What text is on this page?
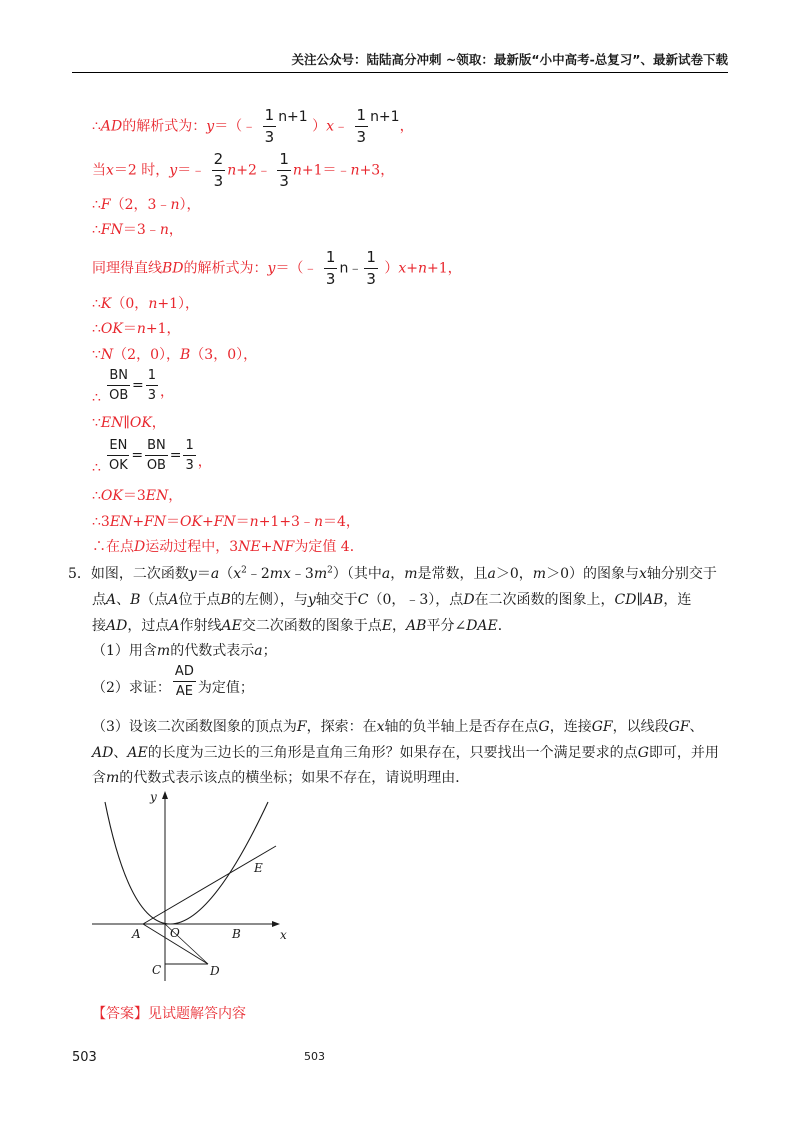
关注公众号：陆陆高分冲刺 ~领取：最新版“小中高考-总复习”、最新试卷下载
∴AD的解析式为：y＝（﹣ $\frac{1}{3} n+1$ ）x﹣ $\frac{1}{3} n+1$，
当x＝2 时，y＝﹣ $\frac{2}{3}$ n+2﹣ $\frac{1}{3}$ n+1＝﹣n+3，
∴F（2，3﹣n），
∴FN＝3﹣n，
同理得直线BD的解析式为：y＝（﹣ $\frac{1}{3}$ n﹣ $\frac{1}{3} )x+n+1$，
∴K（0，n+1），
∴OK＝n+1，
∵N（2，0），B（3，0），
∴ $\frac{BN}{OB} = \frac{1}{3}$ ，
∵EN∥OK，
∴ $\frac{EN}{OK} = \frac{BN}{OB} = \frac{1}{3}$ ，
∴OK＝3EN，
∴3EN+FN＝OK+FN＝n+1+3﹣n＝4，
∴在点D运动过程中，3NE+NF为定值 4．
5．如图，二次函数$y=a(x^2﹣2mx﹣3m^2)$（其中a，m是常数，且a＞0，m＞0）的图象与x轴分别交于
点A、B（点A位于点B的左侧），与y轴交于C（0，﹣3），点D在二次函数的图象上，CD∥AB，连
接AD，过点A作射线AE交二次函数的图象于点E，AB平分∠DAE．
（1）用含m的代数式表示a；
（2）求证： $\frac{AD}{AE}$ 为定值；
（3）设该二次函数图象的顶点为F，探索：在x轴的负半轴上是否存在点G，连接GF，以线段GF、
AD、AE的长度为三边长的三角形是直角三角形？如果存在，只要找出一个满足要求的点G即可，并用
含m的代数式表示该点的横坐标；如果不存在，请说明理由．
y
x
A O	B
C	D
E
【答案】见试题解答内容
503	503
